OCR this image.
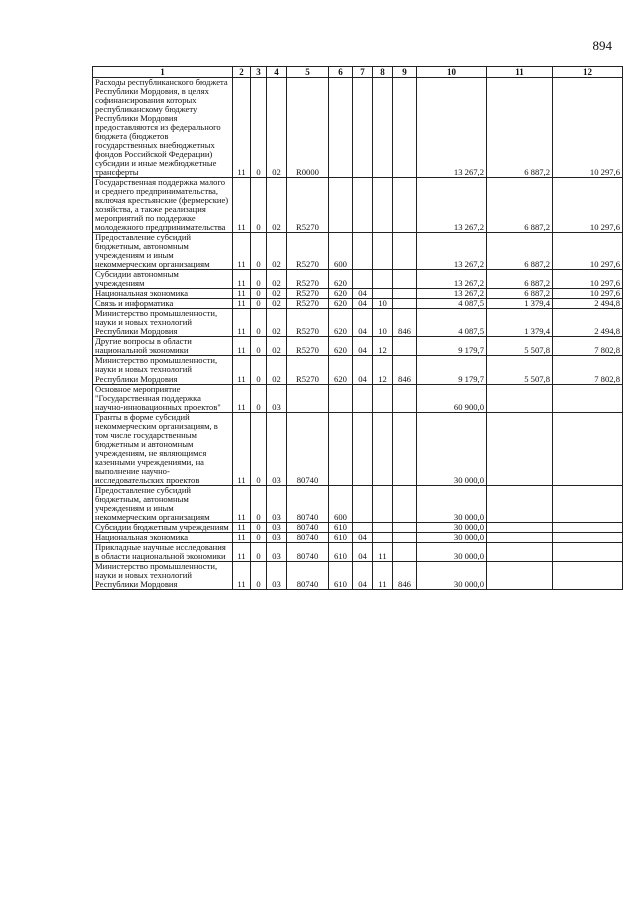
894
1	2	3	4	5	6	7	8	9	10	11	12
Расходы республиканского бюджета Республики Мордовия, в целях софинансирования которых республиканскому бюджету Республики Мордовия предоставляются из федерального бюджета (бюджетов государственных внебюджетных фондов Российской Федерации) субсидии и иные межбюджетные трансферты	11	0	02	R0000					13 267,2	6 887,2	10 297,6
Государственная поддержка малого и среднего предпринимательства, включая крестьянские (фермерские) хозяйства, а также реализация мероприятий по поддержке молодежного предпринимательства	11	0	02	R5270					13 267,2	6 887,2	10 297,6
Предоставление субсидий бюджетным, автономным учреждениям и иным некоммерческим организациям	11	0	02	R5270	600				13 267,2	6 887,2	10 297,6
Субсидии автономным учреждениям	11	0	02	R5270	620				13 267,2	6 887,2	10 297,6
Национальная экономика	11	0	02	R5270	620	04			13 267,2	6 887,2	10 297,6
Связь и информатика	11	0	02	R5270	620	04	10		4 087,5	1 379,4	2 494,8
Министерство промышленности, науки и новых технологий Республики Мордовия	11	0	02	R5270	620	04	10	846	4 087,5	1 379,4	2 494,8
Другие вопросы в области национальной экономики	11	0	02	R5270	620	04	12		9 179,7	5 507,8	7 802,8
Министерство промышленности, науки и новых технологий Республики Мордовия	11	0	02	R5270	620	04	12	846	9 179,7	5 507,8	7 802,8
Основное мероприятие "Государственная поддержка научно-инновационных проектов"	11	0	03						60 900,0		
Гранты в форме субсидий некоммерческим организациям, в том числе государственным бюджетным и автономным учреждениям, не являющимся казенными учреждениями, на выполнение научно-исследовательских проектов	11	0	03	80740					30 000,0		
Предоставление субсидий бюджетным, автономным учреждениям и иным некоммерческим организациям	11	0	03	80740	600				30 000,0		
Субсидии бюджетным учреждениям	11	0	03	80740	610				30 000,0		
Национальная экономика	11	0	03	80740	610	04			30 000,0		
Прикладные научные исследования в области национальной экономики	11	0	03	80740	610	04	11		30 000,0		
Министерство промышленности, науки и новых технологий Республики Мордовия	11	0	03	80740	610	04	11	846	30 000,0		
